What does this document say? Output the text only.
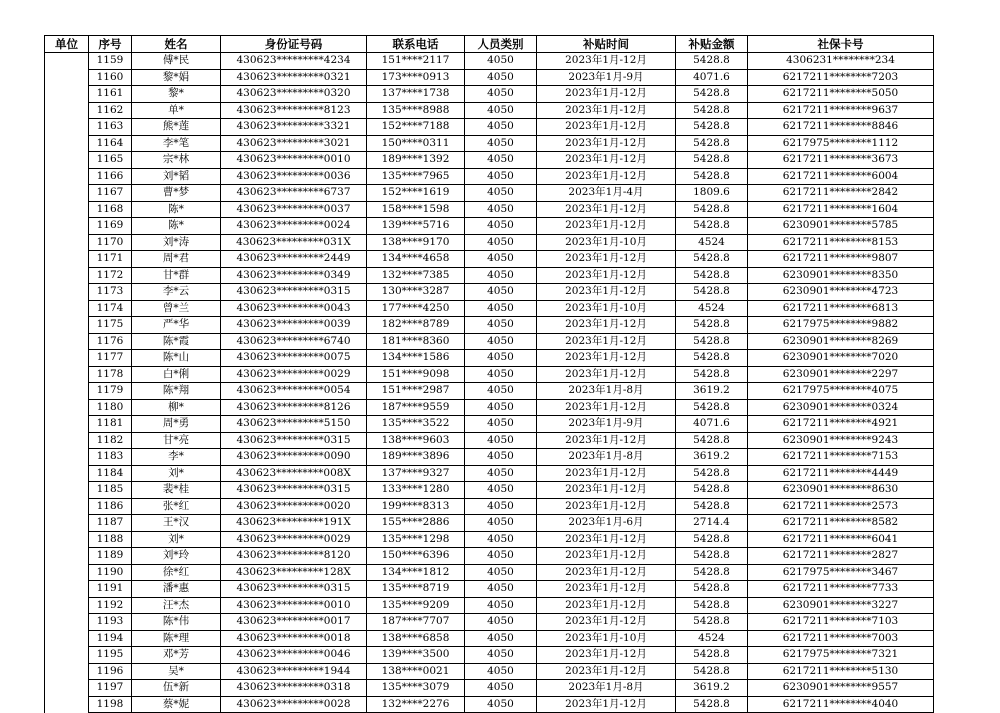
单位	序号	姓名	身份证号码	联系电话	人员类别	补贴时间	补贴金额	社保卡号
	1159	傅*民	430623*********4234	151****2117	4050	2023年1月-12月	5428.8	4306231********234
	1160	黎*娟	430623*********0321	173****0913	4050	2023年1月-9月	4071.6	6217211********7203
	1161	黎*	430623*********0320	137****1738	4050	2023年1月-12月	5428.8	6217211********5050
	1162	单*	430623*********8123	135****8988	4050	2023年1月-12月	5428.8	6217211********9637
	1163	熊*莲	430623*********3321	152****7188	4050	2023年1月-12月	5428.8	6217211********8846
	1164	李*笔	430623*********3021	150****0311	4050	2023年1月-12月	5428.8	6217975********1112
	1165	宗*林	430623*********0010	189****1392	4050	2023年1月-12月	5428.8	6217211********3673
	1166	刘*韬	430623*********0036	135****7965	4050	2023年1月-12月	5428.8	6217211********6004
	1167	曹*梦	430623*********6737	152****1619	4050	2023年1月-4月	1809.6	6217211********2842
	1168	陈*	430623*********0037	158****1598	4050	2023年1月-12月	5428.8	6217211********1604
	1169	陈*	430623*********0024	139****5716	4050	2023年1月-12月	5428.8	6230901********5785
	1170	刘*涛	430623*********031X	138****9170	4050	2023年1月-10月	4524	6217211********8153
	1171	周*君	430623*********2449	134****4658	4050	2023年1月-12月	5428.8	6217211********9807
	1172	甘*群	430623*********0349	132****7385	4050	2023年1月-12月	5428.8	6230901********8350
	1173	李*云	430623*********0315	130****3287	4050	2023年1月-12月	5428.8	6230901********4723
	1174	曾*兰	430623*********0043	177****4250	4050	2023年1月-10月	4524	6217211********6813
	1175	严*华	430623*********0039	182****8789	4050	2023年1月-12月	5428.8	6217975********9882
	1176	陈*霞	430623*********6740	181****8360	4050	2023年1月-12月	5428.8	6230901********8269
	1177	陈*山	430623*********0075	134****1586	4050	2023年1月-12月	5428.8	6230901********7020
	1178	白*俐	430623*********0029	151****9098	4050	2023年1月-12月	5428.8	6230901********2297
	1179	陈*翔	430623*********0054	151****2987	4050	2023年1月-8月	3619.2	6217975********4075
	1180	柳*	430623*********8126	187****9559	4050	2023年1月-12月	5428.8	6230901********0324
	1181	周*勇	430623*********5150	135****3522	4050	2023年1月-9月	4071.6	6217211********4921
	1182	甘*亮	430623*********0315	138****9603	4050	2023年1月-12月	5428.8	6230901********9243
	1183	李*	430623*********0090	189****3896	4050	2023年1月-8月	3619.2	6217211********7153
	1184	刘*	430623*********008X	137****9327	4050	2023年1月-12月	5428.8	6217211********4449
	1185	裴*桂	430623*********0315	133****1280	4050	2023年1月-12月	5428.8	6230901********8630
	1186	张*红	430623*********0020	199****8313	4050	2023年1月-12月	5428.8	6217211********2573
	1187	王*汉	430623*********191X	155****2886	4050	2023年1月-6月	2714.4	6217211********8582
	1188	刘*	430623*********0029	135****1298	4050	2023年1月-12月	5428.8	6217211********6041
	1189	刘*玲	430623*********8120	150****6396	4050	2023年1月-12月	5428.8	6217211********2827
	1190	徐*红	430623*********128X	134****1812	4050	2023年1月-12月	5428.8	6217975********3467
	1191	潘*惠	430623*********0315	135****8719	4050	2023年1月-12月	5428.8	6217211********7733
	1192	汪*杰	430623*********0010	135****9209	4050	2023年1月-12月	5428.8	6230901********3227
	1193	陈*伟	430623*********0017	187****7707	4050	2023年1月-12月	5428.8	6217211********7103
	1194	陈*理	430623*********0018	138****6858	4050	2023年1月-10月	4524	6217211********7003
	1195	邓*芳	430623*********0046	139****3500	4050	2023年1月-12月	5428.8	6217975********7321
	1196	吴*	430623*********1944	138****0021	4050	2023年1月-12月	5428.8	6217211********5130
	1197	伍*新	430623*********0318	135****3079	4050	2023年1月-8月	3619.2	6230901********9557
	1198	蔡*妮	430623*********0028	132****2276	4050	2023年1月-12月	5428.8	6217211********4040
